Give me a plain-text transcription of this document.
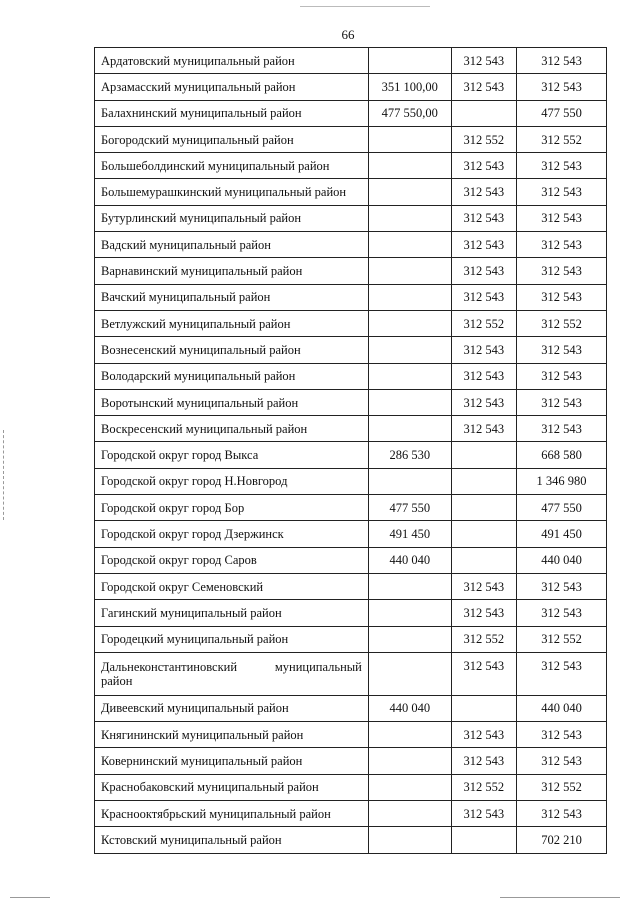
66
Ардатовский муниципальный район		312 543	312 543
Арзамасский муниципальный район	351 100,00	312 543	312 543
Балахнинский муниципальный район	477 550,00		477 550
Богородский муниципальный район		312 552	312 552
Большеболдинский муниципальный район		312 543	312 543
Большемурашкинский муниципальный район		312 543	312 543
Бутурлинский муниципальный район		312 543	312 543
Вадский муниципальный район		312 543	312 543
Варнавинский муниципальный район		312 543	312 543
Вачский муниципальный район		312 543	312 543
Ветлужский муниципальный район		312 552	312 552
Вознесенский муниципальный район		312 543	312 543
Володарский муниципальный район		312 543	312 543
Воротынский муниципальный район		312 543	312 543
Воскресенский муниципальный район		312 543	312 543
Городской округ город Выкса	286 530		668 580
Городской округ город Н.Новгород			1 346 980
Городской округ город Бор	477 550		477 550
Городской округ город Дзержинск	491 450		491 450
Городской округ город Саров	440 040		440 040
Городской округ Семеновский		312 543	312 543
Гагинский муниципальный район		312 543	312 543
Городецкий муниципальный район		312 552	312 552

Дальнеконстантиновский муниципальный
район		312 543	312 543
Дивеевский муниципальный район	440 040		440 040
Княгининский муниципальный район		312 543	312 543
Ковернинский муниципальный район		312 543	312 543
Краснобаковский муниципальный район		312 552	312 552
Краснооктябрьский муниципальный район		312 543	312 543
Кстовский муниципальный район			702 210
